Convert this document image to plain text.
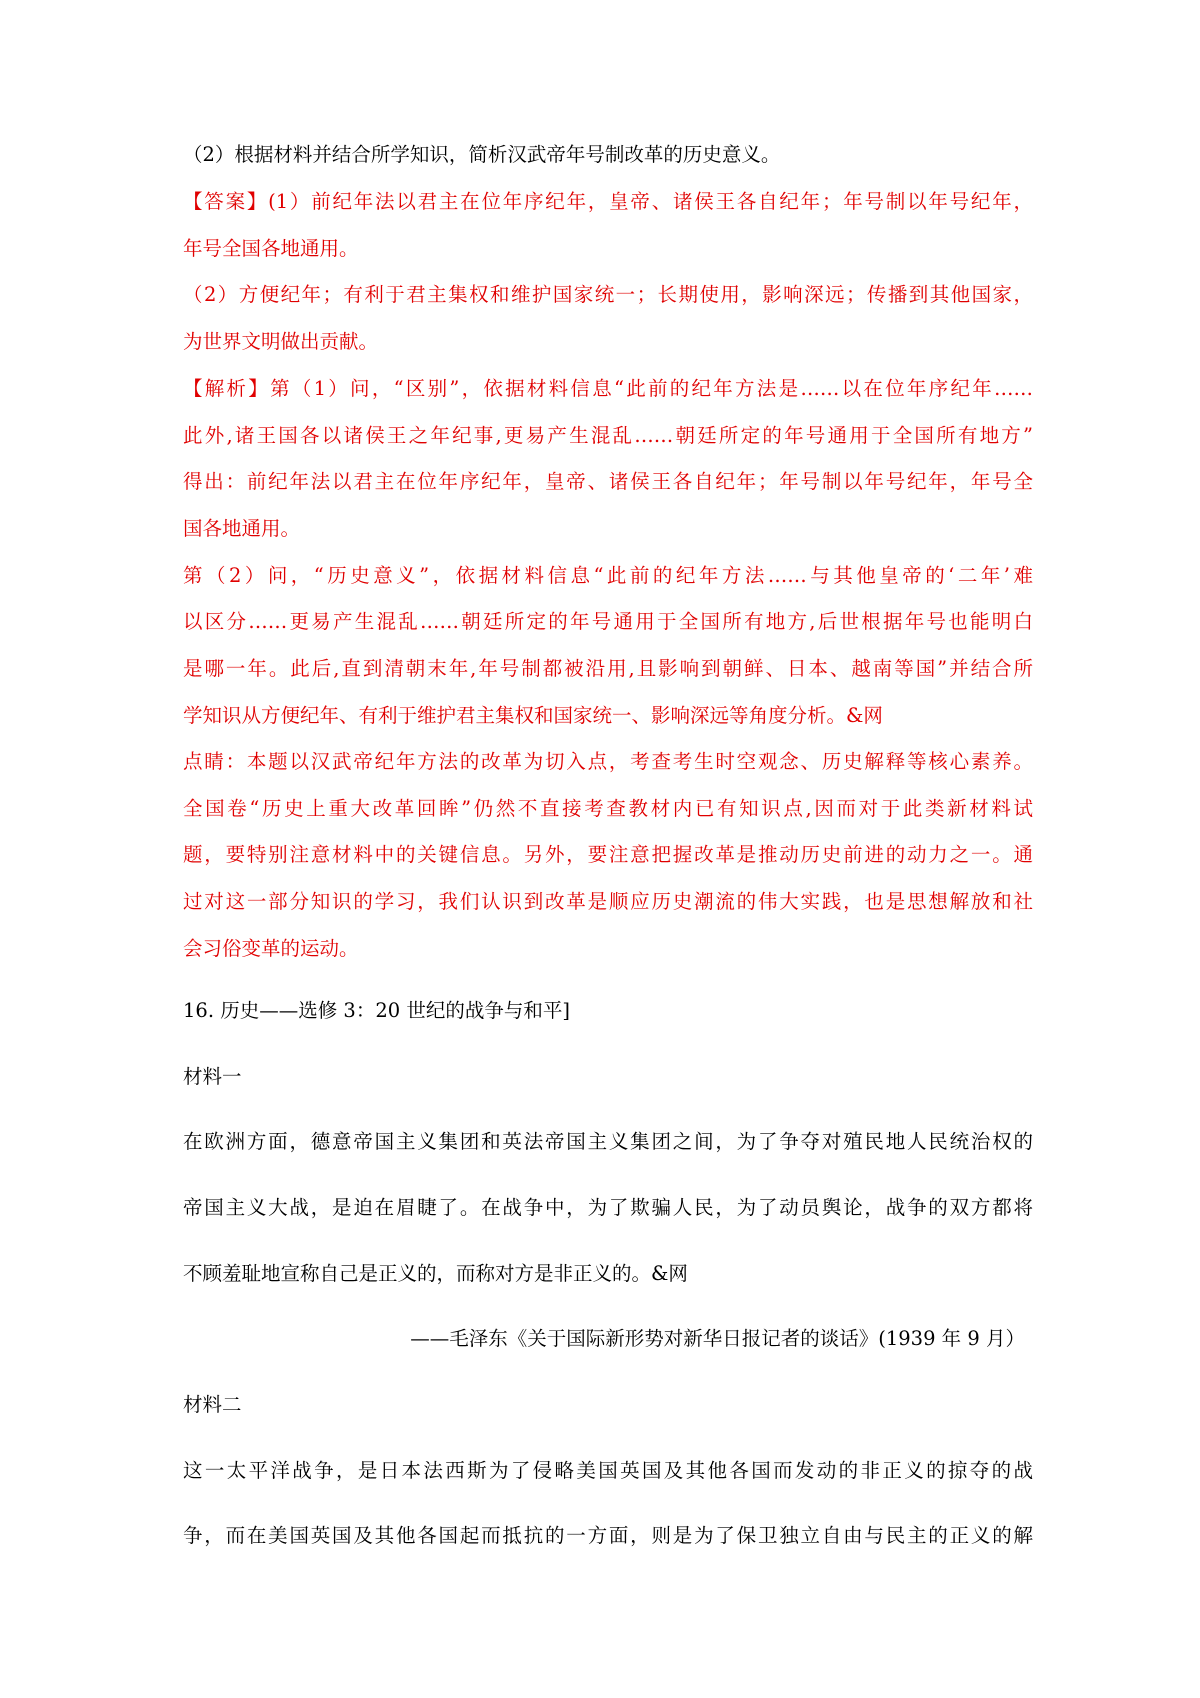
（2）根据材料并结合所学知识，简析汉武帝年号制改革的历史意义。
【答案】(1）前纪年法以君主在位年序纪年，皇帝、诸侯王各自纪年；年号制以年号纪年，
年号全国各地通用。
（2）方便纪年；有利于君主集权和维护国家统一；长期使用，影响深远；传播到其他国家，
为世界文明做出贡献。
【解析】第（1）问，“区别”，依据材料信息“此前的纪年方法是……以在位年序纪年……
此外,诸王国各以诸侯王之年纪事,更易产生混乱……朝廷所定的年号通用于全国所有地方”
得出：前纪年法以君主在位年序纪年，皇帝、诸侯王各自纪年；年号制以年号纪年，年号全
国各地通用。
第（2）问，“历史意义”，依据材料信息“此前的纪年方法……与其他皇帝的‘二年’难
以区分……更易产生混乱……朝廷所定的年号通用于全国所有地方,后世根据年号也能明白
是哪一年。此后,直到清朝末年,年号制都被沿用,且影响到朝鲜、日本、越南等国”并结合所
学知识从方便纪年、有利于维护君主集权和国家统一、影响深远等角度分析。&网
点睛：本题以汉武帝纪年方法的改革为切入点，考查考生时空观念、历史解释等核心素养。
全国卷“历史上重大改革回眸”仍然不直接考查教材内已有知识点,因而对于此类新材料试
题，要特别注意材料中的关键信息。另外，要注意把握改革是推动历史前进的动力之一。通
过对这一部分知识的学习，我们认识到改革是顺应历史潮流的伟大实践，也是思想解放和社
会习俗变革的运动。
16. 历史——选修 3：20 世纪的战争与和平]
材料一
在欧洲方面，德意帝国主义集团和英法帝国主义集团之间，为了争夺对殖民地人民统治权的
帝国主义大战，是迫在眉睫了。在战争中，为了欺骗人民，为了动员舆论，战争的双方都将
不顾羞耻地宣称自己是正义的，而称对方是非正义的。&网
——毛泽东《关于国际新形势对新华日报记者的谈话》(1939 年 9 月）
材料二
这一太平洋战争，是日本法西斯为了侵略美国英国及其他各国而发动的非正义的掠夺的战
争，而在美国英国及其他各国起而抵抗的一方面，则是为了保卫独立自由与民主的正义的解
